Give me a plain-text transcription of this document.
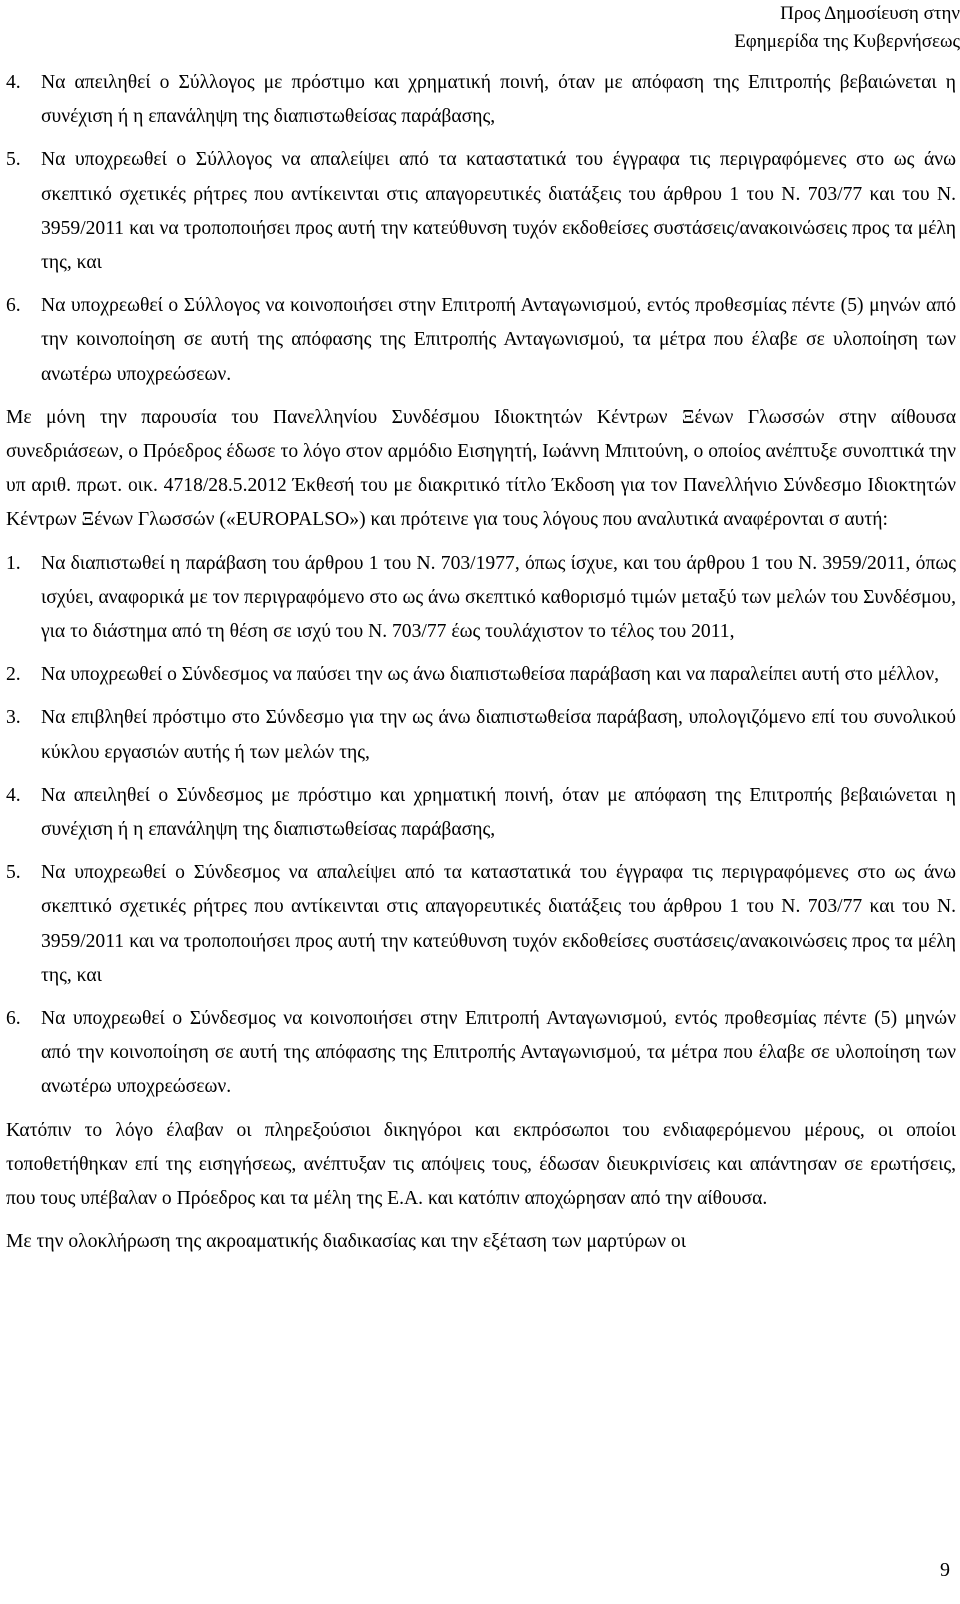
Προς Δημοσίευση στην
Εφημερίδα της Κυβερνήσεως
4.	Να απειληθεί ο Σύλλογος με πρόστιμο και χρηματική ποινή, όταν με απόφαση της Επιτροπής βεβαιώνεται η συνέχιση ή η επανάληψη της διαπιστωθείσας παράβασης,
5.	Να υποχρεωθεί ο Σύλλογος να απαλείψει από τα καταστατικά του έγγραφα τις περιγραφόμενες στο ως άνω σκεπτικό σχετικές ρήτρες που αντίκεινται στις απαγορευτικές διατάξεις του άρθρου 1 του Ν. 703/77 και του Ν. 3959/2011 και να τροποποιήσει προς αυτή την κατεύθυνση τυχόν εκδοθείσες συστάσεις/ανακοινώσεις προς τα μέλη της, και
6.	Να υποχρεωθεί ο Σύλλογος να κοινοποιήσει στην Επιτροπή Ανταγωνισμού, εντός προθεσμίας πέντε (5) μηνών από την κοινοποίηση σε αυτή της απόφασης της Επιτροπής Ανταγωνισμού, τα μέτρα που έλαβε σε υλοποίηση των ανωτέρω υποχρεώσεων.
Με μόνη την παρουσία του Πανελληνίου Συνδέσμου Ιδιοκτητών Κέντρων Ξένων Γλωσσών στην αίθουσα συνεδριάσεων, ο Πρόεδρος έδωσε το λόγο στον αρμόδιο Εισηγητή, Ιωάννη Μπιτούνη, ο οποίος ανέπτυξε συνοπτικά την υπ αριθ. πρωτ. οικ. 4718/28.5.2012 Έκθεσή του με διακριτικό τίτλο Έκδοση για τον Πανελλήνιο Σύνδεσμο Ιδιοκτητών Κέντρων Ξένων Γλωσσών («EUROPALSO») και πρότεινε για τους λόγους που αναλυτικά αναφέρονται σ αυτή:
1.	Να διαπιστωθεί η παράβαση του άρθρου 1 του Ν. 703/1977, όπως ίσχυε, και του άρθρου 1 του Ν. 3959/2011, όπως ισχύει, αναφορικά με τον περιγραφόμενο στο ως άνω σκεπτικό καθορισμό τιμών μεταξύ των μελών του Συνδέσμου, για το διάστημα από τη θέση σε ισχύ του Ν. 703/77 έως τουλάχιστον το τέλος του 2011,
2.	Να υποχρεωθεί ο Σύνδεσμος να παύσει την ως άνω διαπιστωθείσα παράβαση και να παραλείπει αυτή στο μέλλον,
3.	Να επιβληθεί πρόστιμο στο Σύνδεσμο για την ως άνω διαπιστωθείσα παράβαση, υπολογιζόμενο επί του συνολικού κύκλου εργασιών αυτής ή των μελών της,
4.	Να απειληθεί ο Σύνδεσμος με πρόστιμο και χρηματική ποινή, όταν με απόφαση της Επιτροπής βεβαιώνεται η συνέχιση ή η επανάληψη της διαπιστωθείσας παράβασης,
5.	Να υποχρεωθεί ο Σύνδεσμος να απαλείψει από τα καταστατικά του έγγραφα τις περιγραφόμενες στο ως άνω σκεπτικό σχετικές ρήτρες που αντίκεινται στις απαγορευτικές διατάξεις του άρθρου 1 του Ν. 703/77 και του Ν. 3959/2011 και να τροποποιήσει προς αυτή την κατεύθυνση τυχόν εκδοθείσες συστάσεις/ανακοινώσεις προς τα μέλη της, και
6.	Να υποχρεωθεί ο Σύνδεσμος να κοινοποιήσει στην Επιτροπή Ανταγωνισμού, εντός προθεσμίας πέντε (5) μηνών από την κοινοποίηση σε αυτή της απόφασης της Επιτροπής Ανταγωνισμού, τα μέτρα που έλαβε σε υλοποίηση των ανωτέρω υποχρεώσεων.
Κατόπιν το λόγο έλαβαν οι πληρεξούσιοι δικηγόροι και εκπρόσωποι του ενδιαφερόμενου μέρους, οι οποίοι τοποθετήθηκαν επί της εισηγήσεως, ανέπτυξαν τις απόψεις τους, έδωσαν διευκρινίσεις και απάντησαν σε ερωτήσεις, που τους υπέβαλαν ο Πρόεδρος και τα μέλη της Ε.Α. και κατόπιν αποχώρησαν από την αίθουσα.
Με την ολοκλήρωση της ακροαματικής διαδικασίας και την εξέταση των μαρτύρων οι
9
